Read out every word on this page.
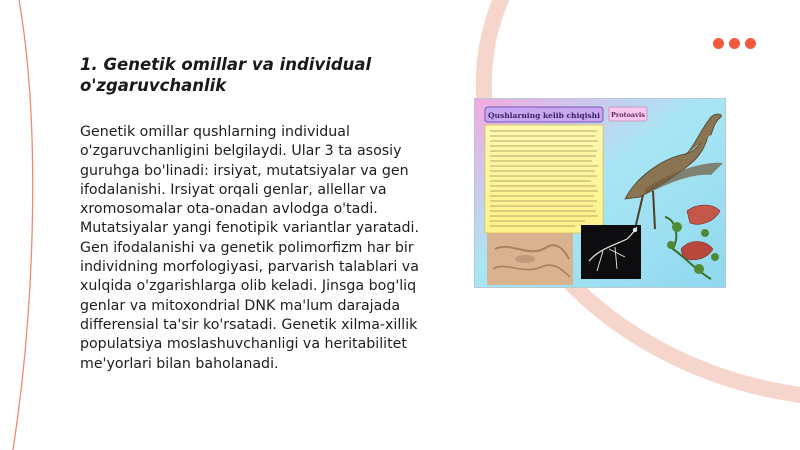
1. Genetik omillar va individual o'zgaruvchanlik
Genetik omillar qushlarning individual o'zgaruvchanligini belgilaydi. Ular 3 ta asosiy guruhga bo'linadi: irsiyat, mutatsiyalar va gen ifodalanishi. Irsiyat orqali genlar, allellar va xromosomalar ota-onadan avlodga o'tadi. Mutatsiyalar yangi fenotipik variantlar yaratadi. Gen ifodalanishi va genetik polimorfizm har bir individning morfologiyasi, parvarish talablari va xulqida o'zgarishlarga olib keladi. Jinsga bog'liq genlar va mitoxondrial DNK ma'lum darajada differensial ta'sir ko'rsatadi. Genetik xilma-xillik populatsiya moslashuvchanligi va heritabilitet me'yorlari bilan baholanadi.
Qushlarning kelib chiqishi Protoavis
